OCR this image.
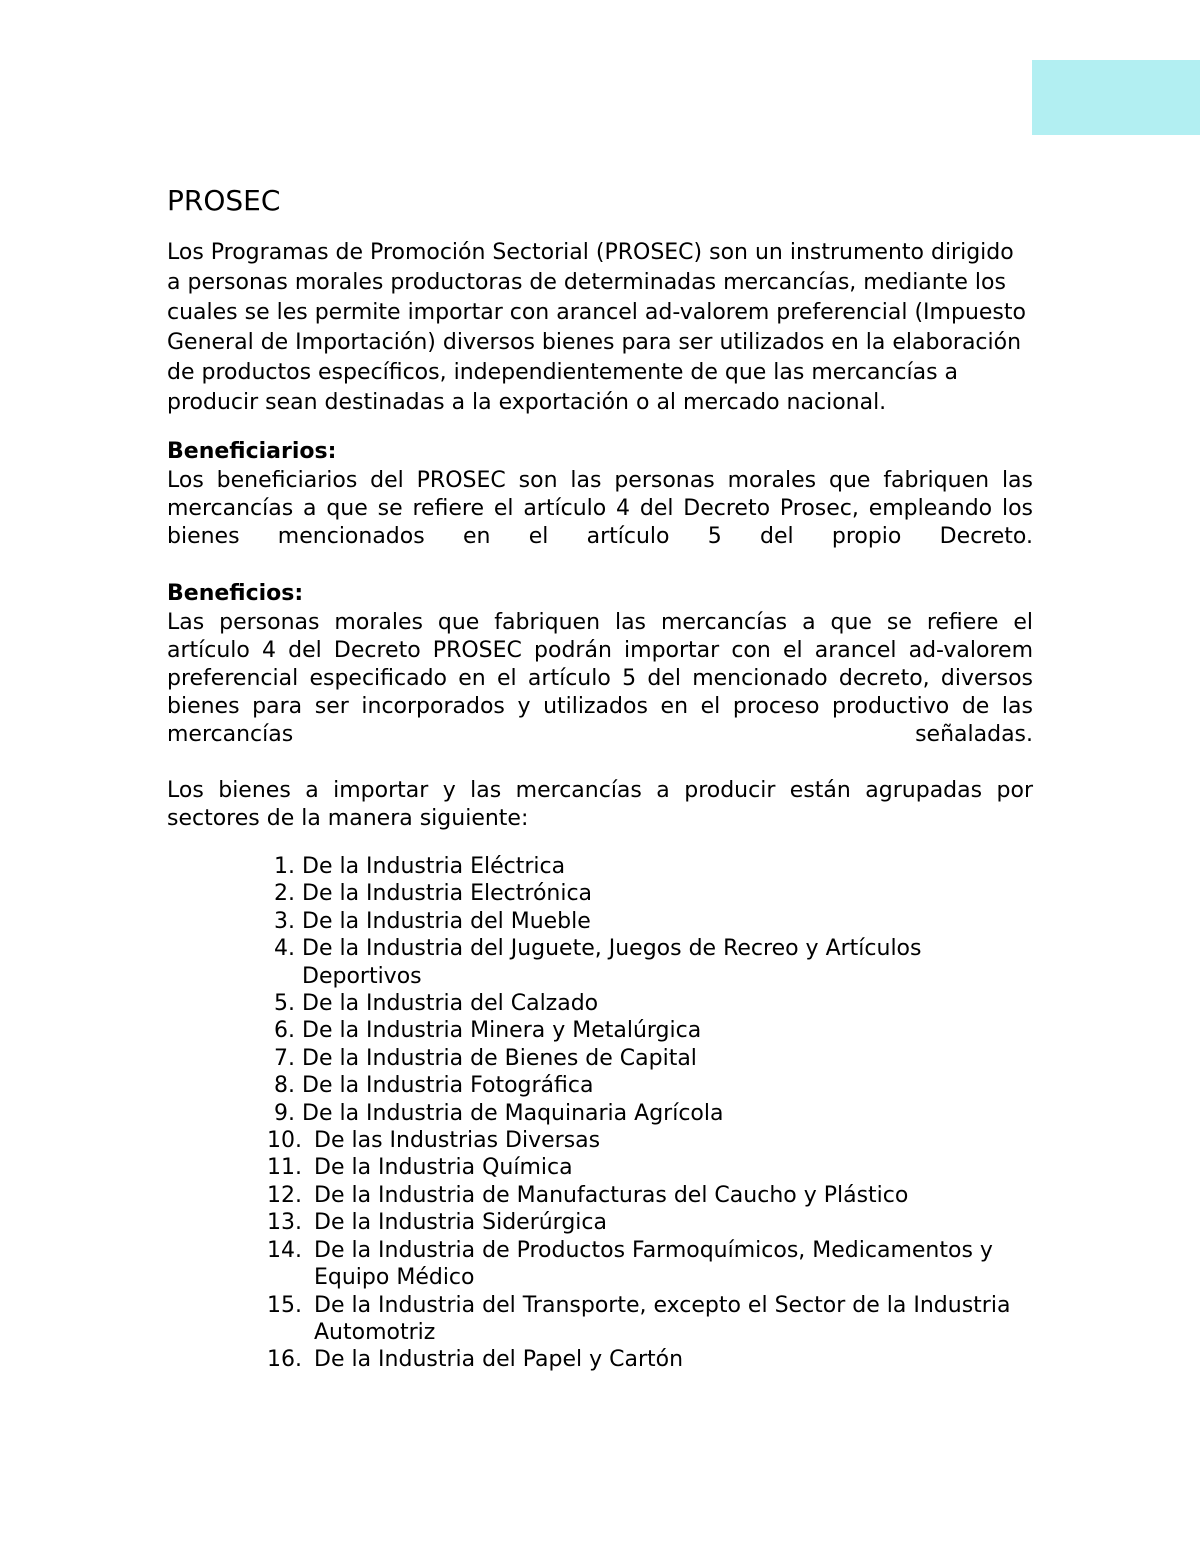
PROSEC

Los Programas de Promoción Sectorial (PROSEC) son un instrumento dirigido a personas morales productoras de determinadas mercancías, mediante los cuales se les permite importar con arancel ad-valorem preferencial (Impuesto General de Importación) diversos bienes para ser utilizados en la elaboración de productos específicos, independientemente de que las mercancías a producir sean destinadas a la exportación o al mercado nacional.

Beneficiarios:

Los beneficiarios del PROSEC son las personas morales que fabriquen las mercancías a que se refiere el artículo 4 del Decreto Prosec, empleando los bienes mencionados en el artículo 5 del propio Decreto.

Beneficios:

Las personas morales que fabriquen las mercancías a que se refiere el artículo 4 del Decreto PROSEC podrán importar con el arancel ad-valorem preferencial especificado en el artículo 5 del mencionado decreto, diversos bienes para ser incorporados y utilizados en el proceso productivo de las mercancías señaladas.

Los bienes a importar y las mercancías a producir están agrupadas por sectores de la manera siguiente:

1. De la Industria Eléctrica
2. De la Industria Electrónica
3. De la Industria del Mueble
4. De la Industria del Juguete, Juegos de Recreo y Artículos Deportivos
5. De la Industria del Calzado
6. De la Industria Minera y Metalúrgica
7. De la Industria de Bienes de Capital
8. De la Industria Fotográfica
9. De la Industria de Maquinaria Agrícola
10. De las Industrias Diversas
11. De la Industria Química
12. De la Industria de Manufacturas del Caucho y Plástico
13. De la Industria Siderúrgica
14. De la Industria de Productos Farmoquímicos, Medicamentos y Equipo Médico
15. De la Industria del Transporte, excepto el Sector de la Industria Automotriz
16. De la Industria del Papel y Cartón
